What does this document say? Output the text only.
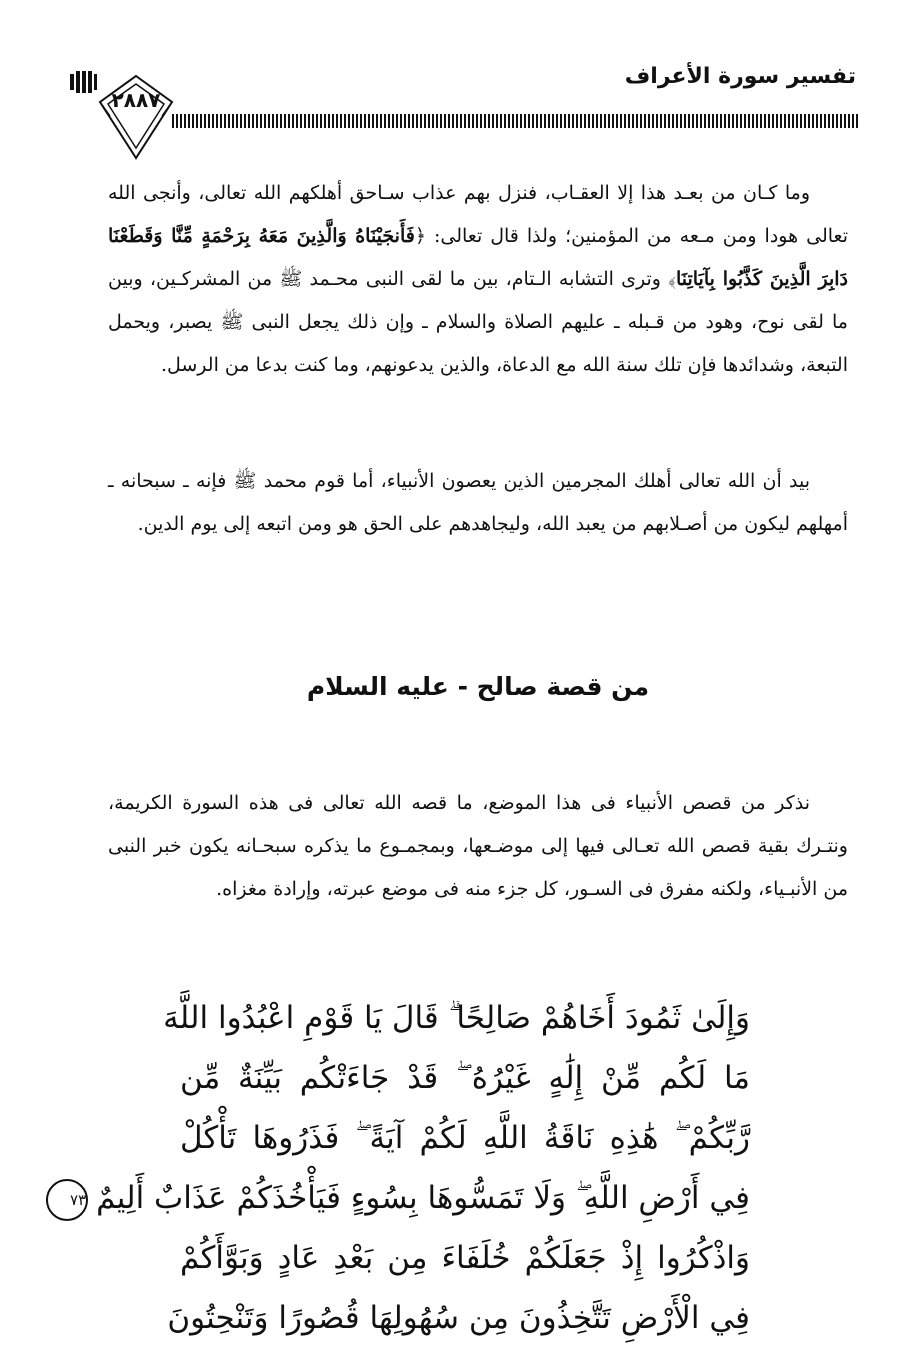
تفسير سورة الأعراف
٢٨٨٧

وما كـان من بعـد هذا إلا العقـاب، فنزل بهم عذاب سـاحق أهلكهم الله تعالى، وأنجى الله تعالى هودا ومن مـعه من المؤمنين؛ ولذا قال تعالى: ﴿فَأَنجَيْنَاهُ وَالَّذِينَ مَعَهُ بِرَحْمَةٍ مِّنَّا وَقَطَعْنَا دَابِرَ الَّذِينَ كَذَّبُوا بِآيَاتِنَا﴾ وترى التشابه الـتام، بين ما لقى النبى محـمد ﷺ من المشركـين، وبين ما لقى نوح، وهود من قـبله ـ عليهم الصلاة والسلام ـ وإن ذلك يجعل النبى ﷺ يصبر، ويحمل التبعة، وشدائدها فإن تلك سنة الله مع الدعاة، والذين يدعونهم، وما كنت بدعا من الرسل.

بيد أن الله تعالى أهلك المجرمين الذين يعصون الأنبياء، أما قوم محمد ﷺ فإنه ـ سبحانه ـ أمهلهم ليكون من أصـلابهم من يعبد الله، وليجاهدهم على الحق هو ومن اتبعه إلى يوم الدين.

من قصة صالح - عليه السلام

نذكر من قصص الأنبياء فى هذا الموضع، ما قصه الله تعالى فى هذه السورة الكريمة، ونتـرك بقية قصص الله تعـالى فيها إلى موضـعها، وبمجمـوع ما يذكره سبحـانه يكون خبر النبى من الأنبـياء، ولكنه مفرق فى السـور، كل جزء منه فى موضع عبرته، وإرادة مغزاه.

وَإِلَىٰ ثَمُودَ أَخَاهُمْ صَالِحًا ۗ قَالَ يَا قَوْمِ اعْبُدُوا اللَّهَ
مَا لَكُم مِّنْ إِلَٰهٍ غَيْرُهُ ۖ قَدْ جَاءَتْكُم بَيِّنَةٌ مِّن
رَّبِّكُمْ ۖ هَٰذِهِ نَاقَةُ اللَّهِ لَكُمْ آيَةً ۖ فَذَرُوهَا تَأْكُلْ
فِي أَرْضِ اللَّهِ ۖ وَلَا تَمَسُّوهَا بِسُوءٍ فَيَأْخُذَكُمْ عَذَابٌ أَلِيمٌ٧٣
وَاذْكُرُوا إِذْ جَعَلَكُمْ خُلَفَاءَ مِن بَعْدِ عَادٍ وَبَوَّأَكُمْ
فِي الْأَرْضِ تَتَّخِذُونَ مِن سُهُولِهَا قُصُورًا وَتَنْحِتُونَ
